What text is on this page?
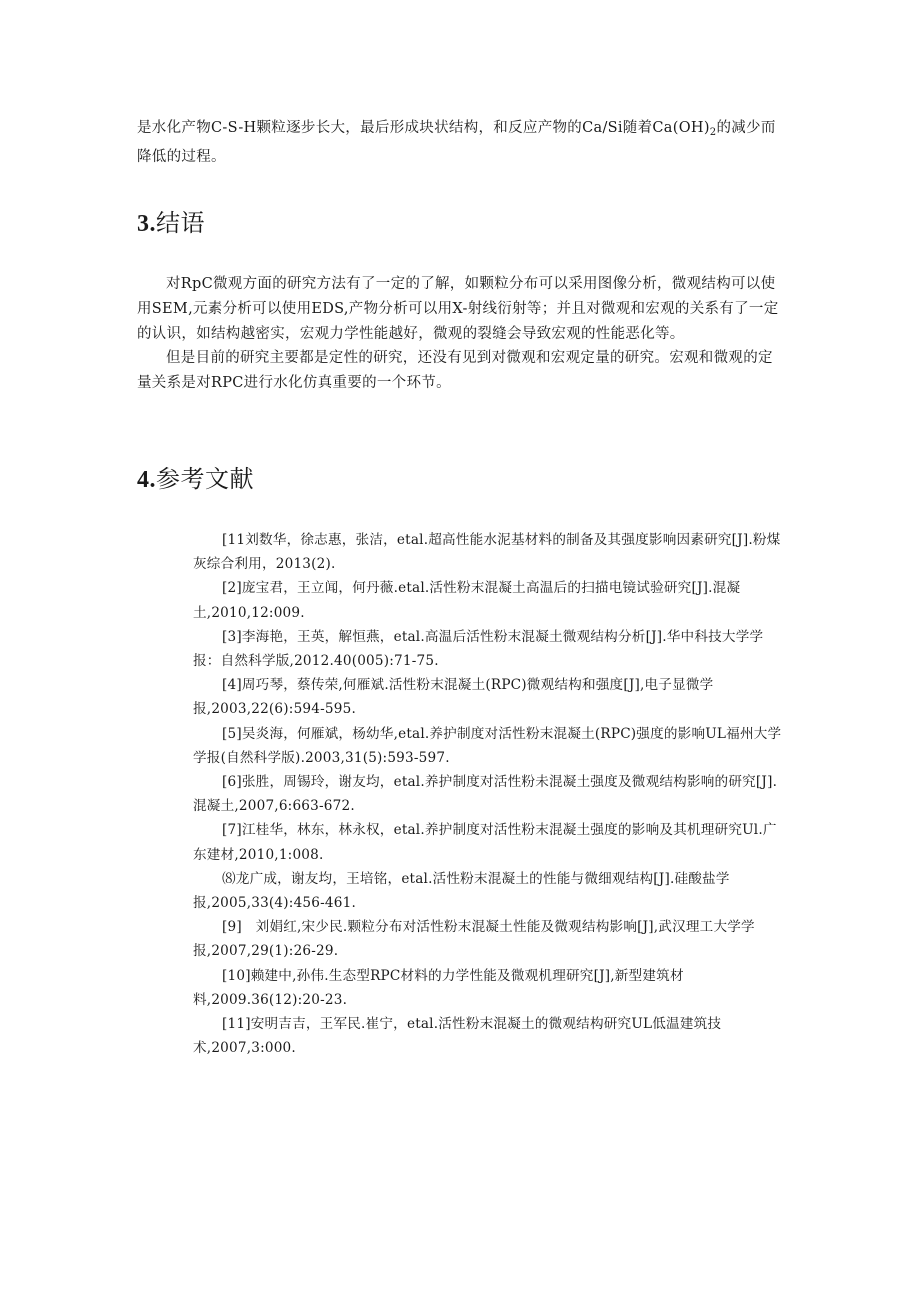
是水化产物C-S-H颗粒逐步长大，最后形成块状结构，和反应产物的Ca/Si随着$Ca(OH)_2$的减少而降低的过程。

3.结语

对RpC微观方面的研究方法有了一定的了解，如颗粒分布可以采用图像分析，微观结构可以使用SEM,元素分析可以使用EDS,产物分析可以用X-射线衍射等；并且对微观和宏观的关系有了一定的认识，如结构越密实，宏观力学性能越好，微观的裂缝会导致宏观的性能恶化等。

但是目前的研究主要都是定性的研究，还没有见到对微观和宏观定量的研究。宏观和微观的定量关系是对RPC进行水化仿真重要的一个环节。

4.参考文献
[11刘数华，徐志惠，张洁，etal.超高性能水泥基材料的制备及其强度影响因素研究[J].粉煤灰综合利用，2013(2).
[2]庞宝君，王立闻，何丹薇.etal.活性粉末混凝土高温后的扫描电镜试验研究[J].混凝土,2010,12:009.
[3]李海艳，王英，解恒燕，etal.高温后活性粉末混凝土微观结构分析[J].华中科技大学学报：自然科学版,2012.40(005):71-75.
[4]周巧琴，蔡传荣,何雁斌.活性粉末混凝土(RPC)微观结构和强度[J],电子显微学报,2003,22(6):594-595.
[5]吴炎海，何雁斌，杨幼华,etal.养护制度对活性粉末混凝土(RPC)强度的影响UL福州大学学报(自然科学版).2003,31(5):593-597.
[6]张胜，周锡玲，谢友均，etal.养护制度对活性粉未混凝土强度及微观结构影响的研究[J].混凝土,2007,6:663-672.
[7]江桂华，林东，林永权，etal.养护制度对活性粉末混凝土强度的影响及其机理研究Ul.广东建材,2010,1:008.
⑻龙广成，谢友均，王培铭，etal.活性粉末混凝土的性能与微细观结构[J].硅酸盐学报,2005,33(4):456-461.
[9]　刘娟红,宋少民.颗粒分布对活性粉末混凝土性能及微观结构影响[J],武汉理工大学学报,2007,29(1):26-29.
[10]赖建中,孙伟.生态型RPC材料的力学性能及微观机理研究[J],新型建筑材料,2009.36(12):20-23.
[11]安明吉吉，王军民.崔宁，etal.活性粉末混凝土的微观结构研究UL低温建筑技术,2007,3:000.
